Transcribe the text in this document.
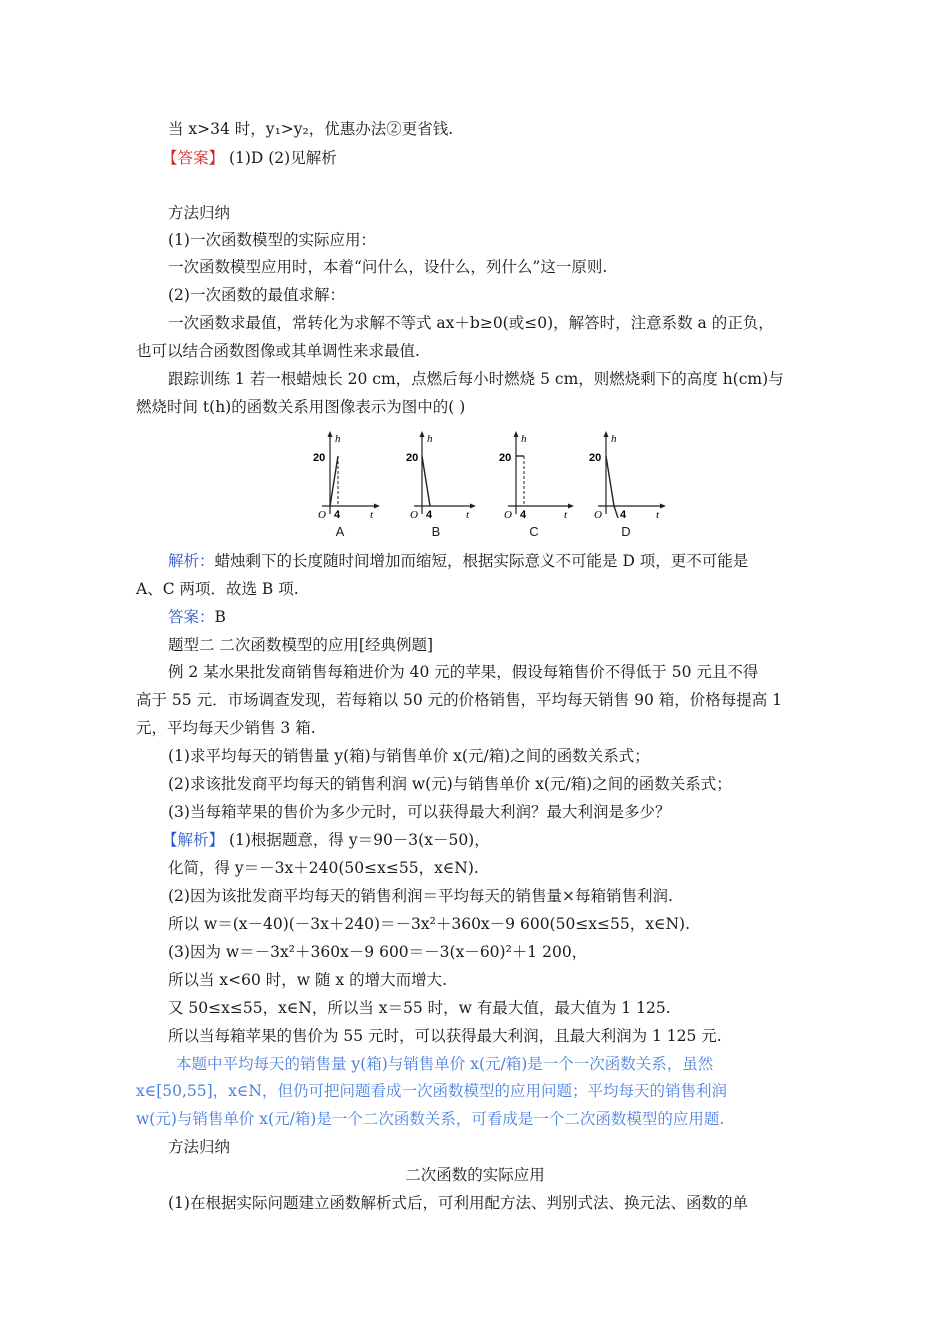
当 x>34 时，y₁>y₂，优惠办法②更省钱.
【答案】 (1)D (2)见解析
方法归纳
(1)一次函数模型的实际应用：
一次函数模型应用时，本着“问什么，设什么，列什么”这一原则.
(2)一次函数的最值求解：
一次函数求最值，常转化为求解不等式 ax＋b≥0(或≤0)，解答时，注意系数 a 的正负，
也可以结合函数图像或其单调性来求最值.
跟踪训练 1 若一根蜡烛长 20 cm，点燃后每小时燃烧 5 cm，则燃烧剩下的高度 h(cm)与
燃烧时间 t(h)的函数关系用图像表示为图中的( )
h
20
O 4	t
A
h
20
O 4	t
B
h
20
O 4	t
C
h
20
O 4	t
D
解析：蜡烛剩下的长度随时间增加而缩短，根据实际意义不可能是 D 项，更不可能是
A、C 两项．故选 B 项.
答案：B
题型二 二次函数模型的应用[经典例题]
例 2 某水果批发商销售每箱进价为 40 元的苹果，假设每箱售价不得低于 50 元且不得
高于 55 元．市场调查发现，若每箱以 50 元的价格销售，平均每天销售 90 箱，价格每提高 1
元，平均每天少销售 3 箱.
(1)求平均每天的销售量 y(箱)与销售单价 x(元/箱)之间的函数关系式；
(2)求该批发商平均每天的销售利润 w(元)与销售单价 x(元/箱)之间的函数关系式；
(3)当每箱苹果的售价为多少元时，可以获得最大利润？最大利润是多少？
【解析】 (1)根据题意，得 y＝90－3(x－50)，
化简，得 y＝－3x＋240(50≤x≤55，x∈N).
(2)因为该批发商平均每天的销售利润＝平均每天的销售量×每箱销售利润.
所以 w＝(x－40)(－3x＋240)＝－3x²＋360x－9 600(50≤x≤55，x∈N).
(3)因为 w＝－3x²＋360x－9 600＝－3(x－60)²＋1 200，
所以当 x<60 时，w 随 x 的增大而增大.
又 50≤x≤55，x∈N，所以当 x＝55 时，w 有最大值，最大值为 1 125.
所以当每箱苹果的售价为 55 元时，可以获得最大利润，且最大利润为 1 125 元.
本题中平均每天的销售量 y(箱)与销售单价 x(元/箱)是一个一次函数关系，虽然
x∈[50,55]，x∈N，但仍可把问题看成一次函数模型的应用问题；平均每天的销售利润
w(元)与销售单价 x(元/箱)是一个二次函数关系，可看成是一个二次函数模型的应用题.
方法归纳
二次函数的实际应用
(1)在根据实际问题建立函数解析式后，可利用配方法、判别式法、换元法、函数的单
